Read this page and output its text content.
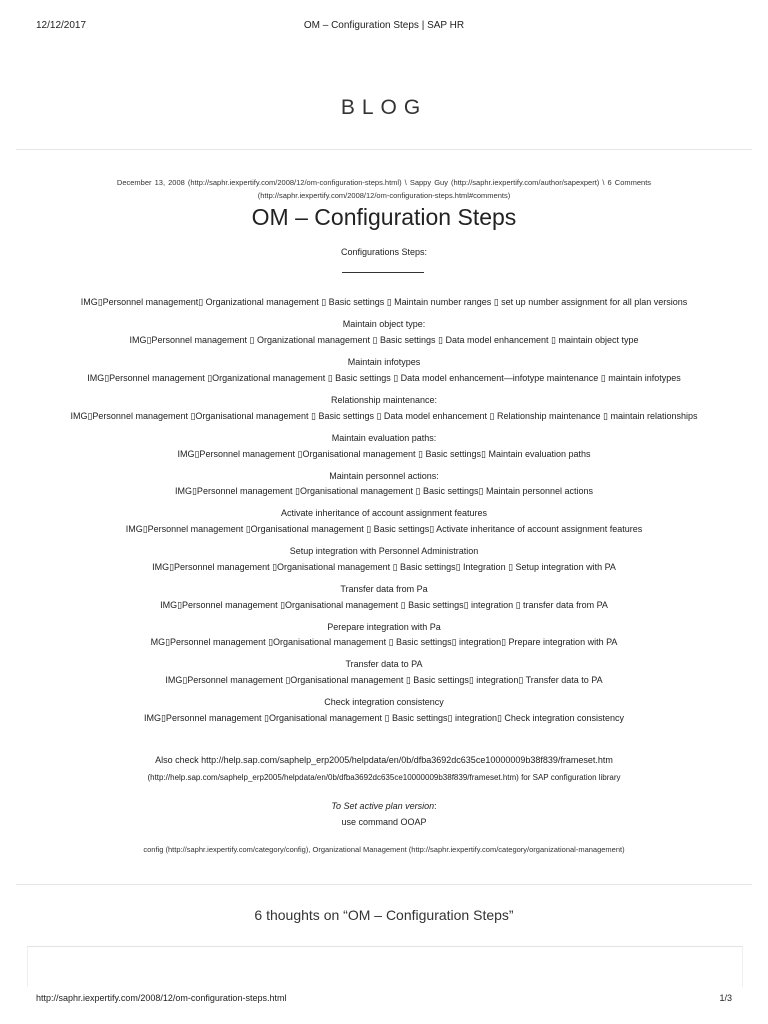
12/12/2017	OM – Configuration Steps | SAP HR
BLOG
December 13, 2008 (http://saphr.iexpertify.com/2008/12/om-configuration-steps.html) \ Sappy Guy (http://saphr.iexpertify.com/author/sapexpert) \ 6 Comments
(http://saphr.iexpertify.com/2008/12/om-configuration-steps.html#comments)
OM – Configuration Steps
Configurations Steps:
IMG▯Personnel management▯ Organizational management ▯ Basic settings ▯ Maintain number ranges ▯ set up number assignment for all plan versions
Maintain object type:
IMG▯Personnel management ▯ Organizational management ▯ Basic settings ▯ Data model enhancement ▯ maintain object type
Maintain infotypes
IMG▯Personnel management ▯Organizational management ▯ Basic settings ▯ Data model enhancement—infotype maintenance ▯ maintain infotypes
Relationship maintenance:
IMG▯Personnel management ▯Organisational management ▯ Basic settings ▯ Data model enhancement ▯ Relationship maintenance ▯ maintain relationships
Maintain evaluation paths:
IMG▯Personnel management ▯Organisational management ▯ Basic settings▯ Maintain evaluation paths
Maintain personnel actions:
IMG▯Personnel management ▯Organisational management ▯ Basic settings▯ Maintain personnel actions
Activate inheritance of account assignment features
IMG▯Personnel management ▯Organisational management ▯ Basic settings▯ Activate inheritance of account assignment features
Setup integration with Personnel Administration
IMG▯Personnel management ▯Organisational management ▯ Basic settings▯ Integration ▯ Setup integration with PA
Transfer data from Pa
IMG▯Personnel management ▯Organisational management ▯ Basic settings▯ integration ▯ transfer data from PA
Perepare integration with Pa
MG▯Personnel management ▯Organisational management ▯ Basic settings▯ integration▯ Prepare integration with PA
Transfer data to PA
IMG▯Personnel management ▯Organisational management ▯ Basic settings▯ integration▯ Transfer data to PA
Check integration consistency
IMG▯Personnel management ▯Organisational management ▯ Basic settings▯ integration▯ Check integration consistency
Also check http://help.sap.com/saphelp_erp2005/helpdata/en/0b/dfba3692dc635ce10000009b38f839/frameset.htm
(http://help.sap.com/saphelp_erp2005/helpdata/en/0b/dfba3692dc635ce10000009b38f839/frameset.htm) for SAP configuration library
To Set active plan version:
use command OOAP
config (http://saphr.iexpertify.com/category/config), Organizational Management (http://saphr.iexpertify.com/category/organizational-management)
6 thoughts on “OM – Configuration Steps”
http://saphr.iexpertify.com/2008/12/om-configuration-steps.html	1/3
